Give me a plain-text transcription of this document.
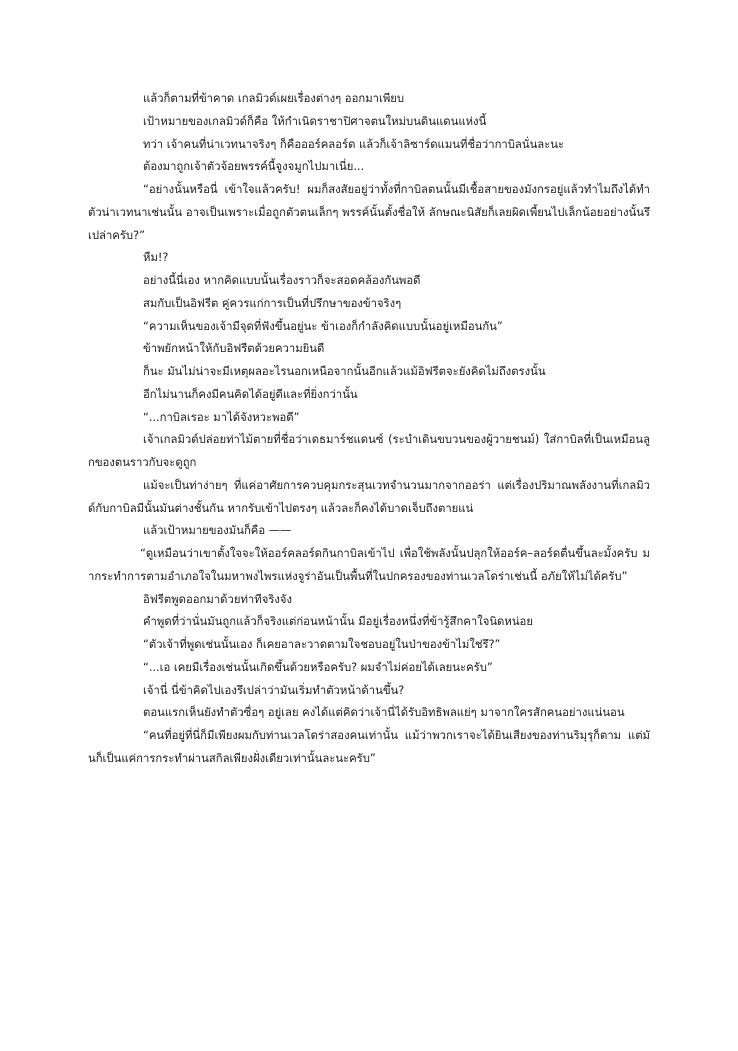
แล้วก็ตามที่ข้าคาด เกลมิวด์เผยเรื่องต่างๆ ออกมาเพียบ

เป้าหมายของเกลมิวด์ก็คือ ให้กำเนิดราชาปิศาจตนใหม่บนดินแดนแห่งนี้

ทว่า เจ้าคนที่น่าเวทนาจริงๆ ก็คือออร์คลอร์ด แล้วก็เจ้าลิซาร์ดแมนที่ชื่อว่ากาบิลนั่นละนะ

ต้องมาถูกเจ้าตัวจ้อยพรรค์นี้จูงจมูกไปมาเนี่ย...

“อย่างนั้นหรือนี่ เข้าใจแล้วครับ! ผมก็สงสัยอยู่ว่าทั้งที่กาบิลตนนั้นมีเชื้อสายของมังกรอยู่แล้วทำไมถึงได้ทำตัวน่าเวทนาเช่นนั้น อาจเป็นเพราะเมื่อถูกตัวตนเล็กๆ พรรค์นั้นตั้งชื่อให้ ลักษณะนิสัยก็เลยผิดเพี้ยนไปเล็กน้อยอย่างนั้นรึเปล่าครับ?”

หืม!?

อย่างนี้นี่เอง หากคิดแบบนั้นเรื่องราวก็จะสอดคล้องกันพอดี

สมกับเป็นอิฟรีต คู่ควรแก่การเป็นที่ปรึกษาของข้าจริงๆ

“ความเห็นของเจ้ามีจุดที่ฟังขึ้นอยู่นะ ข้าเองก็กำลังคิดแบบนั้นอยู่เหมือนกัน”

ข้าพยักหน้าให้กับอิฟรีตด้วยความยินดี

ก็นะ มันไม่น่าจะมีเหตุผลอะไรนอกเหนือจากนั้นอีกแล้วแม้อิฟรีตจะยังคิดไม่ถึงตรงนั้น

อีกไม่นานก็คงมีคนคิดได้อยู่ดีและที่ยิ่งกว่านั้น

“...กาบิลเรอะ มาได้จังหวะพอดี”

เจ้าเกลมิวด์ปล่อยท่าไม้ตายที่ชื่อว่าเดธมาร์ชแดนซ์ (ระบำเดินขบวนของผู้วายชนม์) ใส่กาบิลที่เป็นเหมือนลูกของตนราวกับจะดูถูก

แม้จะเป็นท่าง่ายๆ ที่แค่อาศัยการควบคุมกระสุนเวทจำนวนมากจากออร่า แต่เรื่องปริมาณพลังงานที่เกลมิวด์กับกาบิลมีนั้นมันต่างชั้นกัน หากรับเข้าไปตรงๆ แล้วละก็คงได้บาดเจ็บถึงตายแน่

แล้วเป้าหมายของมันก็คือ ——

“ดูเหมือนว่าเขาตั้งใจจะให้ออร์คลอร์ดกินกาบิลเข้าไป เพื่อใช้พลังนั้นปลุกให้ออร์ค–ลอร์ดตื่นขึ้นละมั้งครับ มากระทำการตามอำเภอใจในมหาพงไพรแห่งจูร่าอันเป็นพื้นที่ในปกครองของท่านเวลโดร่าเช่นนี้ อภัยให้ไม่ได้ครับ”

อิฟรีตพูดออกมาด้วยท่าทีจริงจัง

คำพูดที่ว่านั่นมันถูกแล้วก็จริงแต่ก่อนหน้านั้น มีอยู่เรื่องหนึ่งที่ข้ารู้สึกคาใจนิดหน่อย

“ตัวเจ้าที่พูดเช่นนั้นเอง ก็เคยอาละวาดตามใจชอบอยู่ในป่าของข้าไม่ใช่รึ?”

“...เอ เคยมีเรื่องเช่นนั้นเกิดขึ้นด้วยหรือครับ? ผมจำไม่ค่อยได้เลยนะครับ”

เจ้านี่ นี่ข้าคิดไปเองรึเปล่าว่ามันเริ่มทำตัวหน้าด้านขึ้น?

ตอนแรกเห็นยังทำตัวซื่อๆ อยู่เลย คงได้แต่คิดว่าเจ้านี่ได้รับอิทธิพลแย่ๆ มาจากใครสักคนอย่างแน่นอน

“คนที่อยู่ที่นี่ก็มีเพียงผมกับท่านเวลโดร่าสองคนเท่านั้น แม้ว่าพวกเราจะได้ยินเสียงของท่านริมุรุก็ตาม แต่มันก็เป็นแค่การกระทำผ่านสกิลเพียงฝั่งเดียวเท่านั้นละนะครับ”
